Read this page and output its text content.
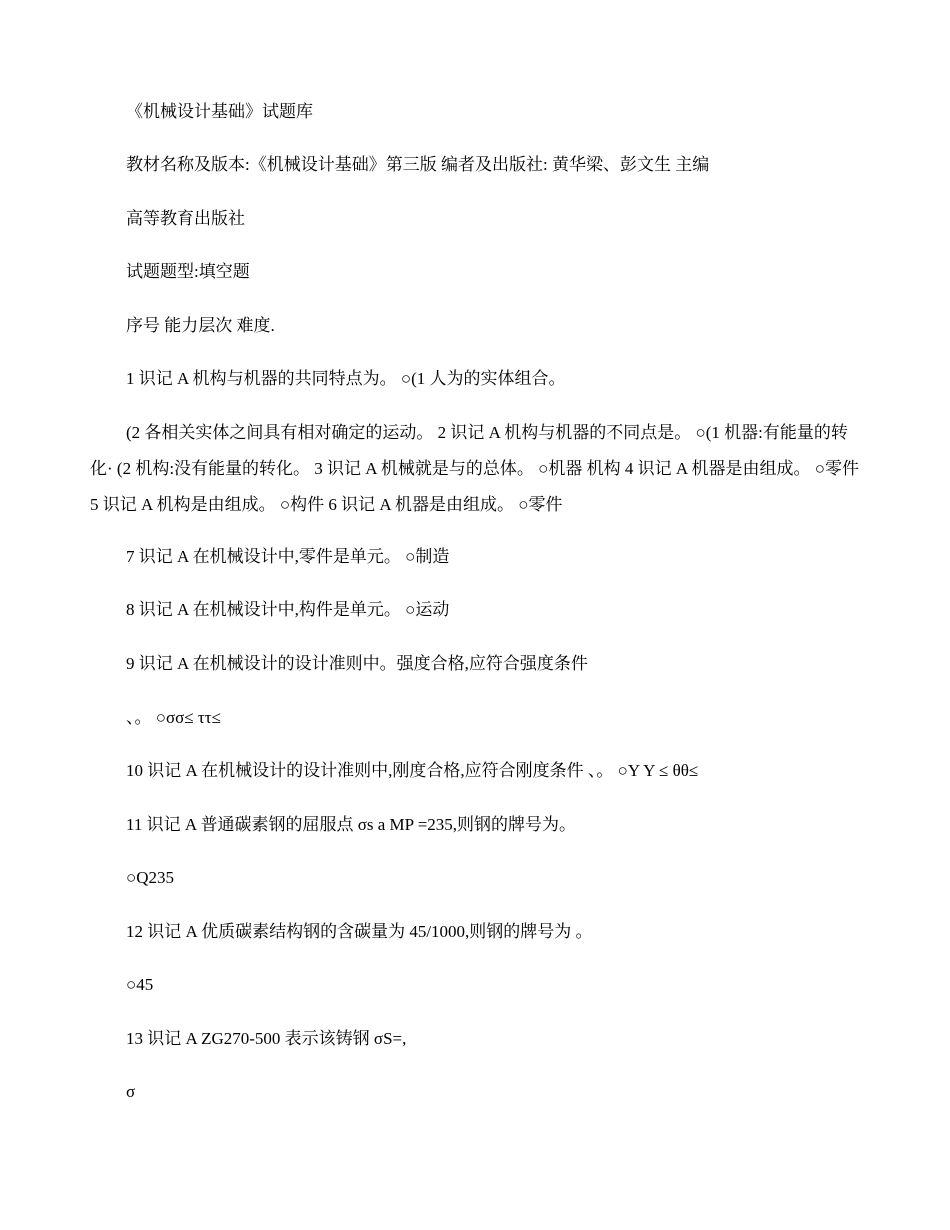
《机械设计基础》试题库

教材名称及版本:《机械设计基础》第三版 编者及出版社: 黄华梁、彭文生 主编

高等教育出版社

试题题型:填空题

序号 能力层次 难度.

1 识记 A 机构与机器的共同特点为。 ○(1 人为的实体组合。

(2 各相关实体之间具有相对确定的运动。 2 识记 A 机构与机器的不同点是。 ○(1 机器:有能量的转化· (2 机构:没有能量的转化。 3 识记 A 机械就是与的总体。 ○机器 机构 4 识记 A 机器是由组成。 ○零件 5 识记 A 机构是由组成。 ○构件 6 识记 A 机器是由组成。 ○零件

7 识记 A 在机械设计中,零件是单元。 ○制造

8 识记 A 在机械设计中,构件是单元。 ○运动

9 识记 A 在机械设计的设计准则中。强度合格,应符合强度条件

、。 ○σσ≤ ττ≤

10 识记 A 在机械设计的设计准则中,刚度合格,应符合刚度条件 、。 ○Y Y ≤ θθ≤

11 识记 A 普通碳素钢的屈服点 σs a MP =235,则钢的牌号为。

○Q235

12 识记 A 优质碳素结构钢的含碳量为 45/1000,则钢的牌号为 。

○45

13 识记 A ZG270-500 表示该铸钢 σS=,

σ
